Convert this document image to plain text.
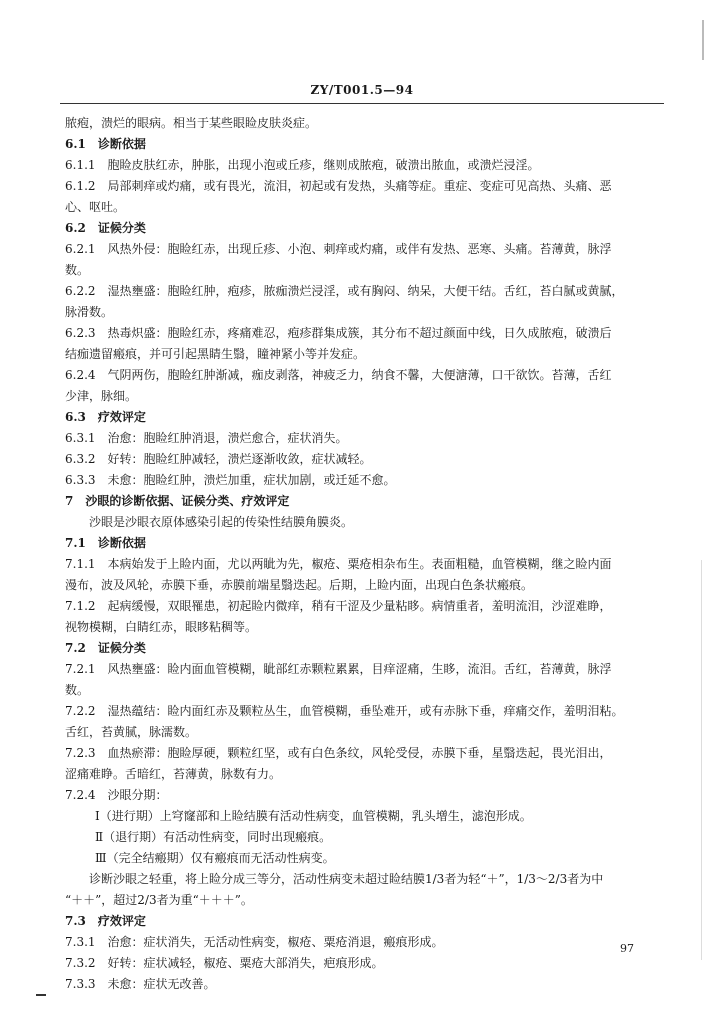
ZY/T001.5—94
脓疱，溃烂的眼病。相当于某些眼睑皮肤炎症。
6.1　诊断依据
6.1.1　胞睑皮肤红赤，肿胀，出现小泡或丘疹，继则成脓疱，破溃出脓血，或溃烂浸淫。
6.1.2　局部刺痒或灼痛，或有畏光，流泪，初起或有发热，头痛等症。重症、变症可见高热、头痛、恶
心、呕吐。
6.2　证候分类
6.2.1　风热外侵：胞睑红赤，出现丘疹、小泡、刺痒或灼痛，或伴有发热、恶寒、头痛。苔薄黄，脉浮
数。
6.2.2　湿热壅盛：胞睑红肿，疱疹，脓痂溃烂浸淫，或有胸闷、纳呆，大便干结。舌红，苔白腻或黄腻，
脉滑数。
6.2.3　热毒炽盛：胞睑红赤，疼痛难忍，疱疹群集成簇，其分布不超过颜面中线，日久成脓疱，破溃后
结痂遗留瘢痕，并可引起黑睛生翳，瞳神紧小等并发症。
6.2.4　气阴两伤，胞睑红肿渐减，痂皮剥落，神疲乏力，纳食不馨，大便溏薄，口干欲饮。苔薄，舌红
少津，脉细。
6.3　疗效评定
6.3.1　治愈：胞睑红肿消退，溃烂愈合，症状消失。
6.3.2　好转：胞睑红肿减轻，溃烂逐渐收敛，症状减轻。
6.3.3　未愈：胞睑红肿，溃烂加重，症状加剧，或迁延不愈。
7　沙眼的诊断依据、证候分类、疗效评定
沙眼是沙眼衣原体感染引起的传染性结膜角膜炎。
7.1　诊断依据
7.1.1　本病始发于上睑内面，尤以两眦为先，椒疮、粟疮相杂布生。表面粗糙，血管模糊，继之睑内面
漫布，波及风轮，赤膜下垂，赤膜前端星翳迭起。后期，上睑内面，出现白色条状瘢痕。
7.1.2　起病缓慢，双眼罹患，初起睑内微痒，稍有干涩及少量粘眵。病情重者，羞明流泪，沙涩难睁，
视物模糊，白睛红赤，眼眵粘稠等。
7.2　证候分类
7.2.1　风热壅盛：睑内面血管模糊，眦部红赤颗粒累累，目痒涩痛，生眵，流泪。舌红，苔薄黄，脉浮
数。
7.2.2　湿热蕴结：睑内面红赤及颗粒丛生，血管模糊，垂坠难开，或有赤脉下垂，痒痛交作，羞明泪粘。
舌红，苔黄腻，脉濡数。
7.2.3　血热瘀滞：胞睑厚硬，颗粒红坚，或有白色条纹，风轮受侵，赤膜下垂，星翳迭起，畏光泪出，
涩痛难睁。舌暗红，苔薄黄，脉数有力。
7.2.4　沙眼分期：
Ⅰ（进行期）上穹窿部和上睑结膜有活动性病变，血管模糊，乳头增生，滤泡形成。
Ⅱ（退行期）有活动性病变，同时出现瘢痕。
Ⅲ（完全结瘢期）仅有瘢痕而无活动性病变。
诊断沙眼之轻重，将上睑分成三等分，活动性病变未超过睑结膜1/3者为轻“＋”，1/3～2/3者为中
“＋＋”，超过2/3者为重“＋＋＋”。
7.3　疗效评定
7.3.1　治愈：症状消失，无活动性病变，椒疮、粟疮消退，瘢痕形成。
7.3.2　好转：症状减轻，椒疮、粟疮大部消失，疤痕形成。
7.3.3　未愈：症状无改善。
97
